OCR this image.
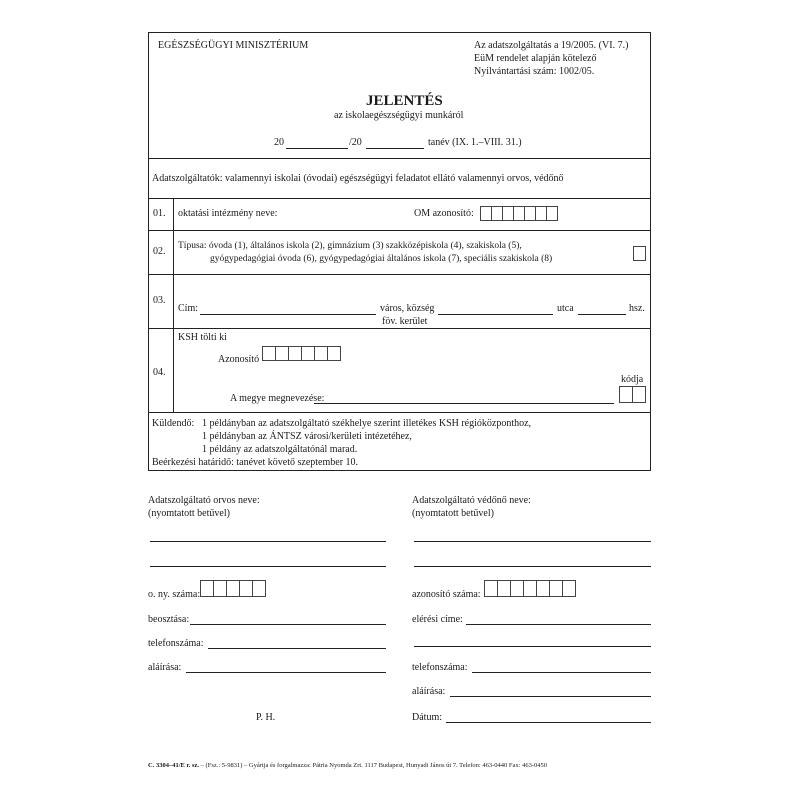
EGÉSZSÉGÜGYI MINISZTÉRIUM	Az adatszolgáltatás a 19/2005. (VI. 7.)
EüM rendelet alapján kötelező
Nyilvántartási szám: 1002/05.
JELENTÉS
az iskolaegészségügyi munkáról
20	/20	tanév (IX. 1.–VIII. 31.)
Adatszolgáltatók: valamennyi iskolai (óvodai) egészségügyi feladatot ellátó valamennyi orvos, védőnő
01. oktatási intézmény neve:	OM azonosító:
02. Típusa: óvoda (1), általános iskola (2), gimnázium (3) szakközépiskola (4), szakiskola (5),
gyógypedagógiai óvoda (6), gyógypedagógiai általános iskola (7), speciális szakiskola (8)
03.
Cím:	város, község	utca	hsz.
föv. kerület
04.
KSH tölti ki
Azonosító
kódja
A megye megnevezése:
Küldendő: 1 példányban az adatszolgáltató székhelye szerint illetékes KSH régióközponthoz,
1 példányban az ÁNTSZ városi/kerületi intézetéhez,
1 példány az adatszolgáltatónál marad.
Beérkezési határidő: tanévet követő szeptember 10.
Adatszolgáltató orvos neve:
(nyomtatott betűvel)
o. ny. száma:
beosztása:
telefonszáma:
aláírása:
P. H.
Adatszolgáltató védőnő neve:
(nyomtatott betűvel)
azonosító száma:
elérési címe:
telefonszáma:
aláírása:
Dátum:
C. 3304–41/E r. sz. – (Fsz.: 5-9831) – Gyártja és forgalmazza: Pátria Nyomda Zrt. 1117 Budapest, Hunyadi János út 7. Telefon: 463-0440 Fax: 463-0450
